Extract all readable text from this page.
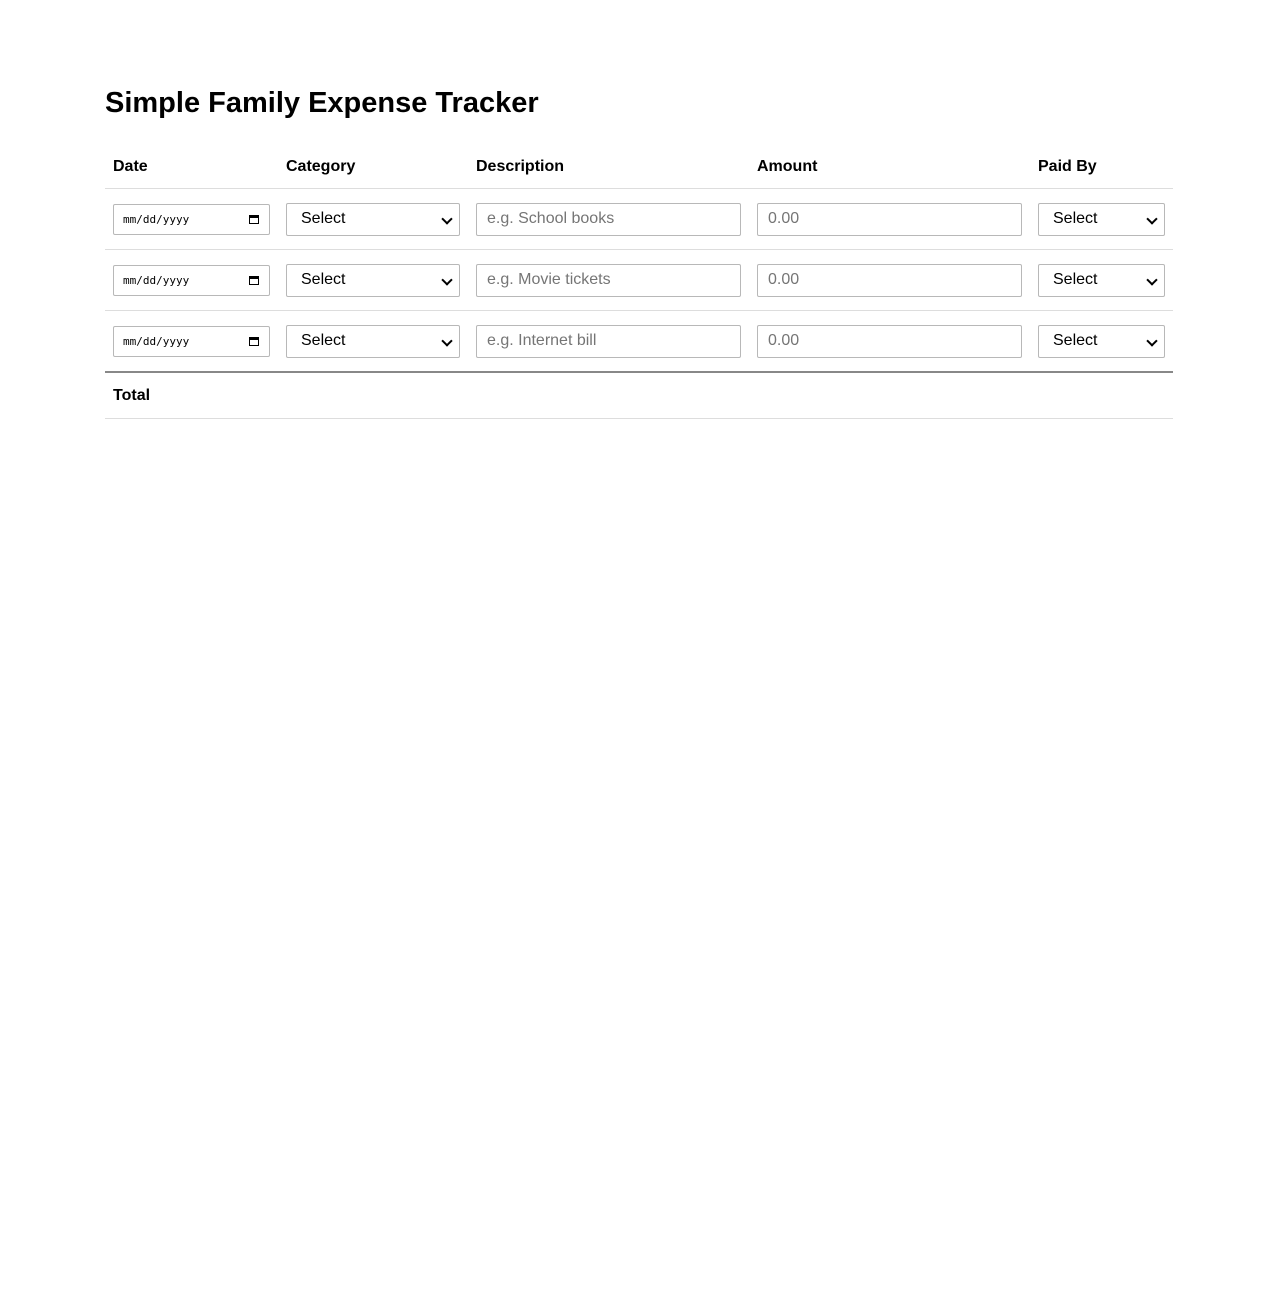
Simple Family Expense Tracker
Date	Category	Description	Amount	Paid By

mm/dd/yyyy	Select	e.g. School books	0.00	Select

mm/dd/yyyy	Select	e.g. Movie tickets	0.00	Select

mm/dd/yyyy	Select	e.g. Internet bill	0.00	Select

Total				
